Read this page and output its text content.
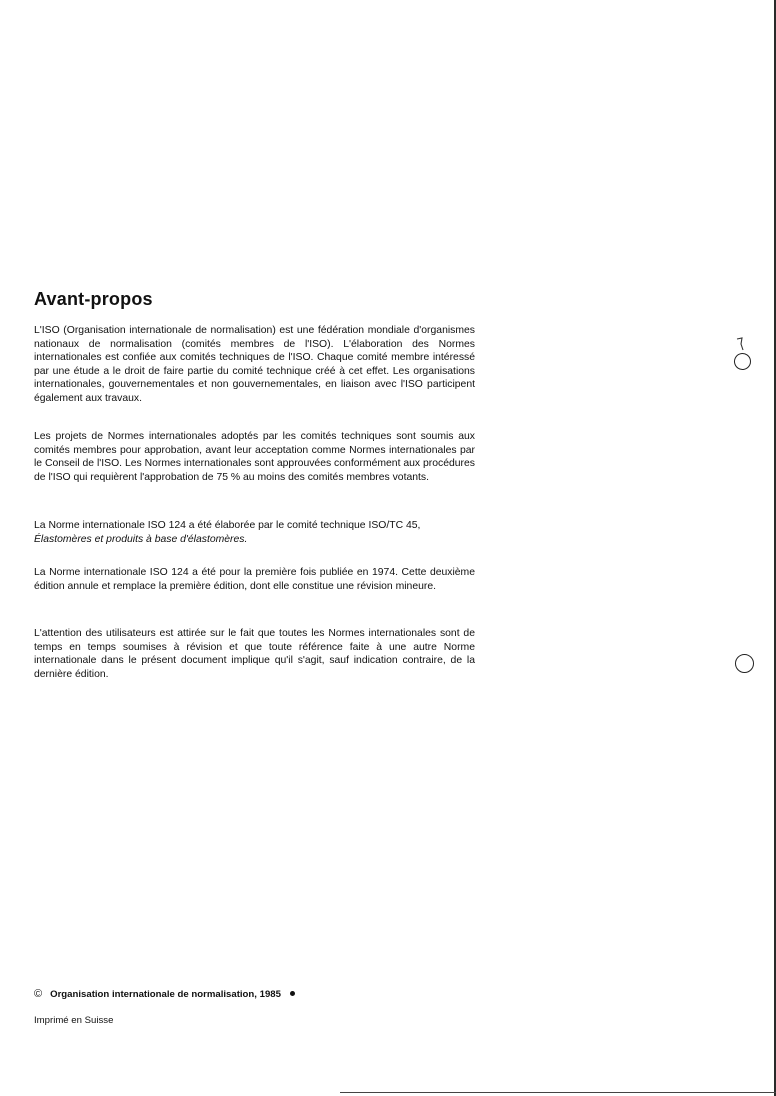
Avant-propos

L'ISO (Organisation internationale de normalisation) est une fédération mondiale d'organismes nationaux de normalisation (comités membres de l'ISO). L'élaboration des Normes internationales est confiée aux comités techniques de l'ISO. Chaque comité membre intéressé par une étude a le droit de faire partie du comité technique créé à cet effet. Les organisations internationales, gouvernementales et non gouvernementales, en liaison avec l'ISO participent également aux travaux.

Les projets de Normes internationales adoptés par les comités techniques sont soumis aux comités membres pour approbation, avant leur acceptation comme Normes internationales par le Conseil de l'ISO. Les Normes internationales sont approuvées conformément aux procédures de l'ISO qui requièrent l'approbation de 75 % au moins des comités membres votants.

La Norme internationale ISO 124 a été élaborée par le comité technique ISO/TC 45,
Élastomères et produits à base d'élastomères.

La Norme internationale ISO 124 a été pour la première fois publiée en 1974. Cette deuxième édition annule et remplace la première édition, dont elle constitue une révision mineure.

L'attention des utilisateurs est attirée sur le fait que toutes les Normes internationales sont de temps en temps soumises à révision et que toute référence faite à une autre Norme internationale dans le présent document implique qu'il s'agit, sauf indication contraire, de la dernière édition.

© Organisation internationale de normalisation, 1985
Imprimé en Suisse
